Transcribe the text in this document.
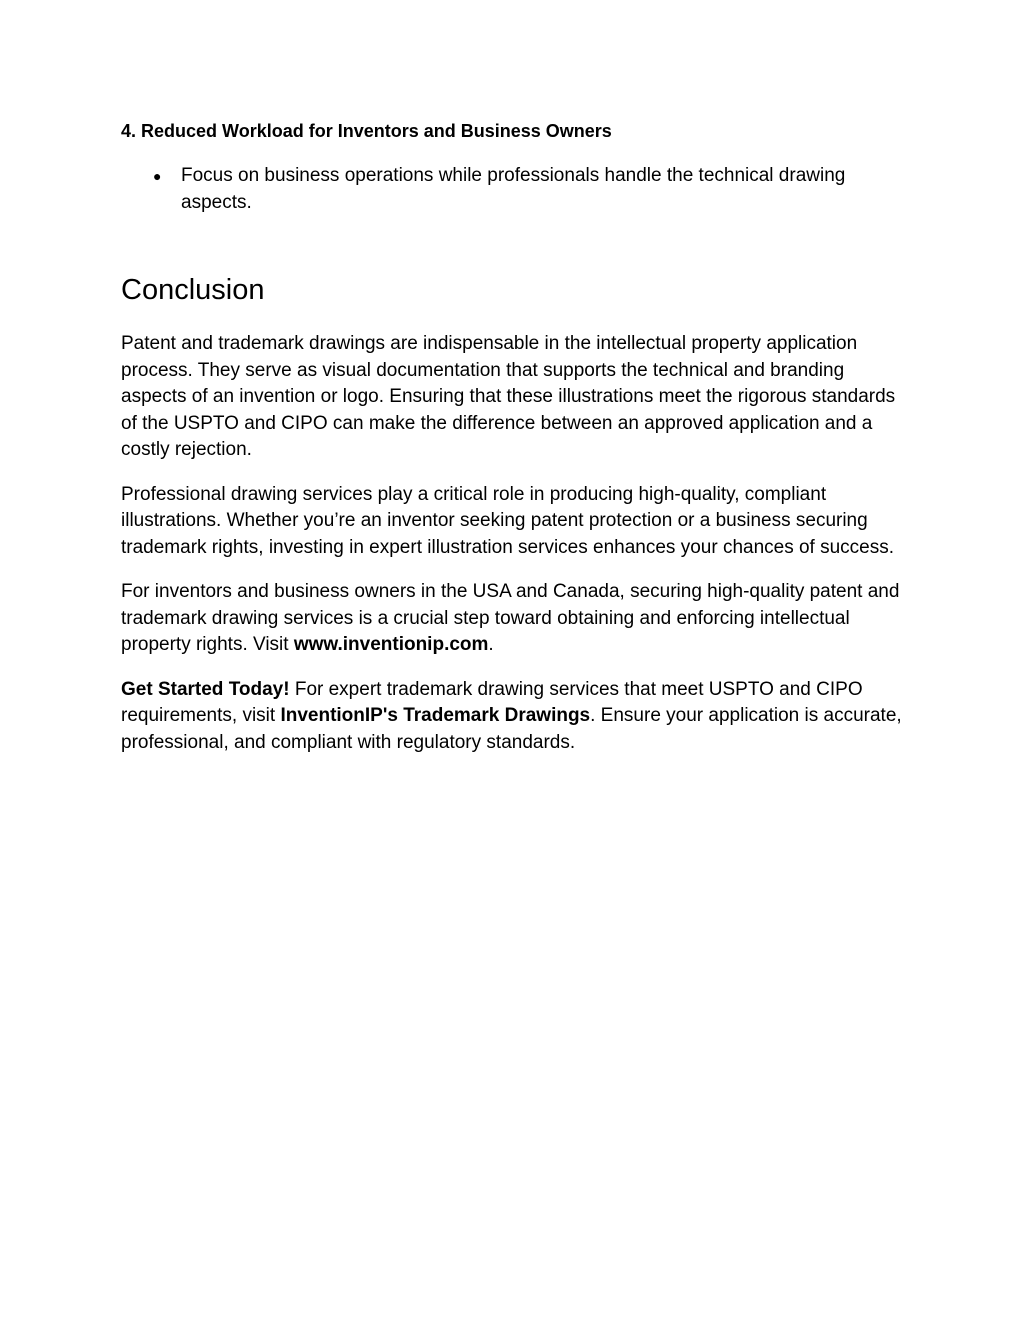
4. Reduced Workload for Inventors and Business Owners

● Focus on business operations while professionals handle the technical drawing aspects.
Conclusion

Patent and trademark drawings are indispensable in the intellectual property application process. They serve as visual documentation that supports the technical and branding aspects of an invention or logo. Ensuring that these illustrations meet the rigorous standards of the USPTO and CIPO can make the difference between an approved application and a costly rejection.

Professional drawing services play a critical role in producing high-quality, compliant illustrations. Whether you’re an inventor seeking patent protection or a business securing trademark rights, investing in expert illustration services enhances your chances of success.

For inventors and business owners in the USA and Canada, securing high-quality patent and trademark drawing services is a crucial step toward obtaining and enforcing intellectual property rights. Visit www.inventionip.com.

Get Started Today! For expert trademark drawing services that meet USPTO and CIPO requirements, visit InventionIP's Trademark Drawings. Ensure your application is accurate, professional, and compliant with regulatory standards.
